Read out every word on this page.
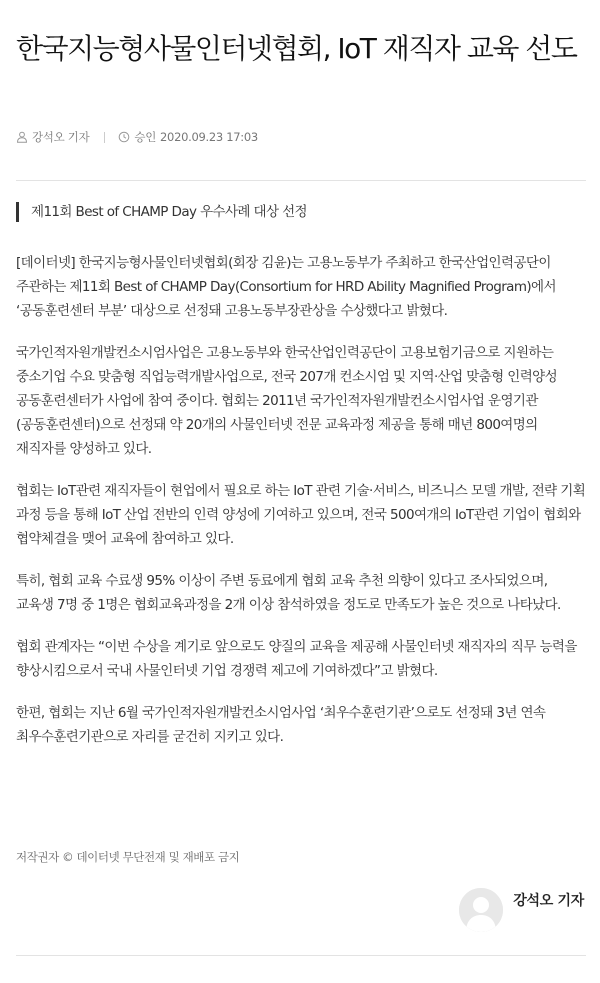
한국지능형사물인터넷협회, IoT 재직자 교육 선도
강석오 기자	승인 2020.09.23 17:03
제11회 Best of CHAMP Day 우수사례 대상 선정

[데이터넷] 한국지능형사물인터넷협회(회장 김윤)는 고용노동부가 주최하고 한국산업인력공단이 주관하는 제11회 Best of CHAMP Day(Consortium for HRD Ability Magnified Program)에서 ‘공동훈련센터 부분’ 대상으로 선정돼 고용노동부장관상을 수상했다고 밝혔다.

국가인적자원개발컨소시엄사업은 고용노동부와 한국산업인력공단이 고용보험기금으로 지원하는 중소기업 수요 맞춤형 직업능력개발사업으로, 전국 207개 컨소시엄 및 지역·산업 맞춤형 인력양성 공동훈련센터가 사업에 참여 중이다. 협회는 2011년 국가인적자원개발컨소시엄사업 운영기관(공동훈련센터)으로 선정돼 약 20개의 사물인터넷 전문 교육과정 제공을 통해 매년 800여명의 재직자를 양성하고 있다.

협회는 IoT관련 재직자들이 현업에서 필요로 하는 IoT 관련 기술·서비스, 비즈니스 모델 개발, 전략 기획 과정 등을 통해 IoT 산업 전반의 인력 양성에 기여하고 있으며, 전국 500여개의 IoT관련 기업이 협회와 협약체결을 맺어 교육에 참여하고 있다.

특히, 협회 교육 수료생 95% 이상이 주변 동료에게 협회 교육 추천 의향이 있다고 조사되었으며, 교육생 7명 중 1명은 협회교육과정을 2개 이상 참석하였을 정도로 만족도가 높은 것으로 나타났다.

협회 관계자는 “이번 수상을 계기로 앞으로도 양질의 교육을 제공해 사물인터넷 재직자의 직무 능력을 향상시킴으로서 국내 사물인터넷 기업 경쟁력 제고에 기여하겠다”고 밝혔다.

한편, 협회는 지난 6월 국가인적자원개발컨소시엄사업 ‘최우수훈련기관’으로도 선정돼 3년 연속 최우수훈련기관으로 자리를 굳건히 지키고 있다.

저작권자 © 데이터넷 무단전재 및 재배포 금지
강석오 기자
